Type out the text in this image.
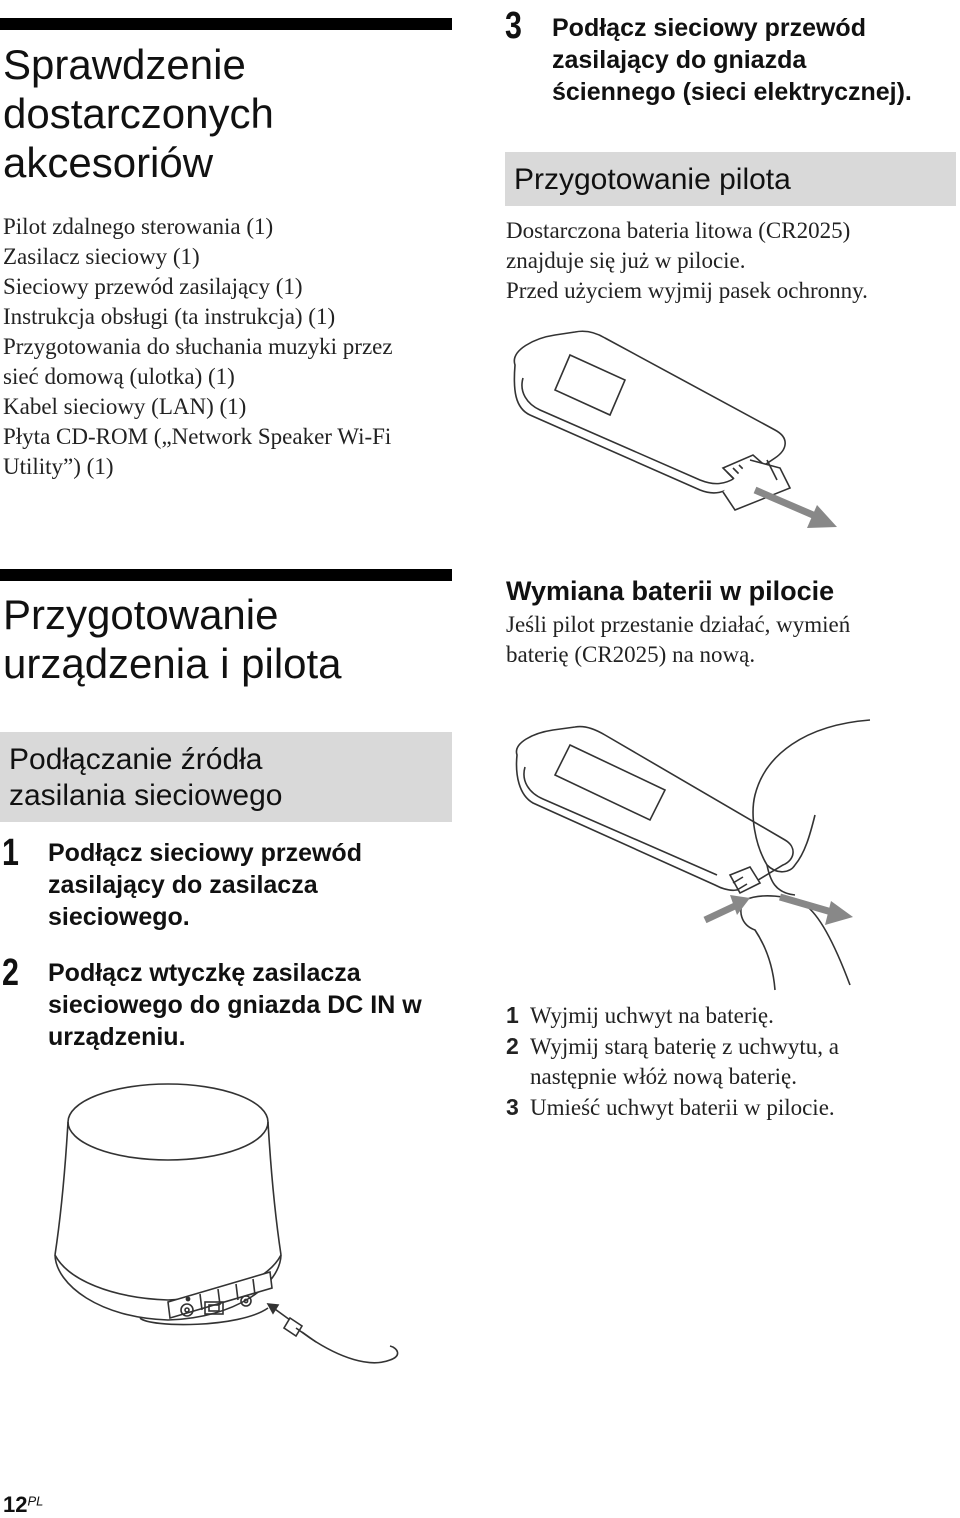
Sprawdzenie
dostarczonych
akcesoriów
Pilot zdalnego sterowania (1)
Zasilacz sieciowy (1)
Sieciowy przewód zasilający (1)
Instrukcja obsługi (ta instrukcja) (1)
Przygotowania do słuchania muzyki przez
sieć domową (ulotka) (1)
Kabel sieciowy (LAN) (1)
Płyta CD-ROM („Network Speaker Wi-Fi
Utility”) (1)
Przygotowanie
urządzenia i pilota
Podłączanie źródła
zasilania sieciowego
1 Podłącz sieciowy przewód
zasilający do zasilacza
sieciowego.
2 Podłącz wtyczkę zasilacza
sieciowego do gniazda DC IN w
urządzeniu.
3 Podłącz sieciowy przewód
zasilający do gniazda
ściennego (sieci elektrycznej).
Przygotowanie pilota
Dostarczona bateria litowa (CR2025)
znajduje się już w pilocie.
Przed użyciem wyjmij pasek ochronny.
Wymiana baterii w pilocie
Jeśli pilot przestanie działać, wymień
baterię (CR2025) na nową.
1 Wyjmij uchwyt na baterię.
2 Wyjmij starą baterię z uchwytu, a
następnie włóż nową baterię.
3 Umieść uchwyt baterii w pilocie.
$12^{PL}$
